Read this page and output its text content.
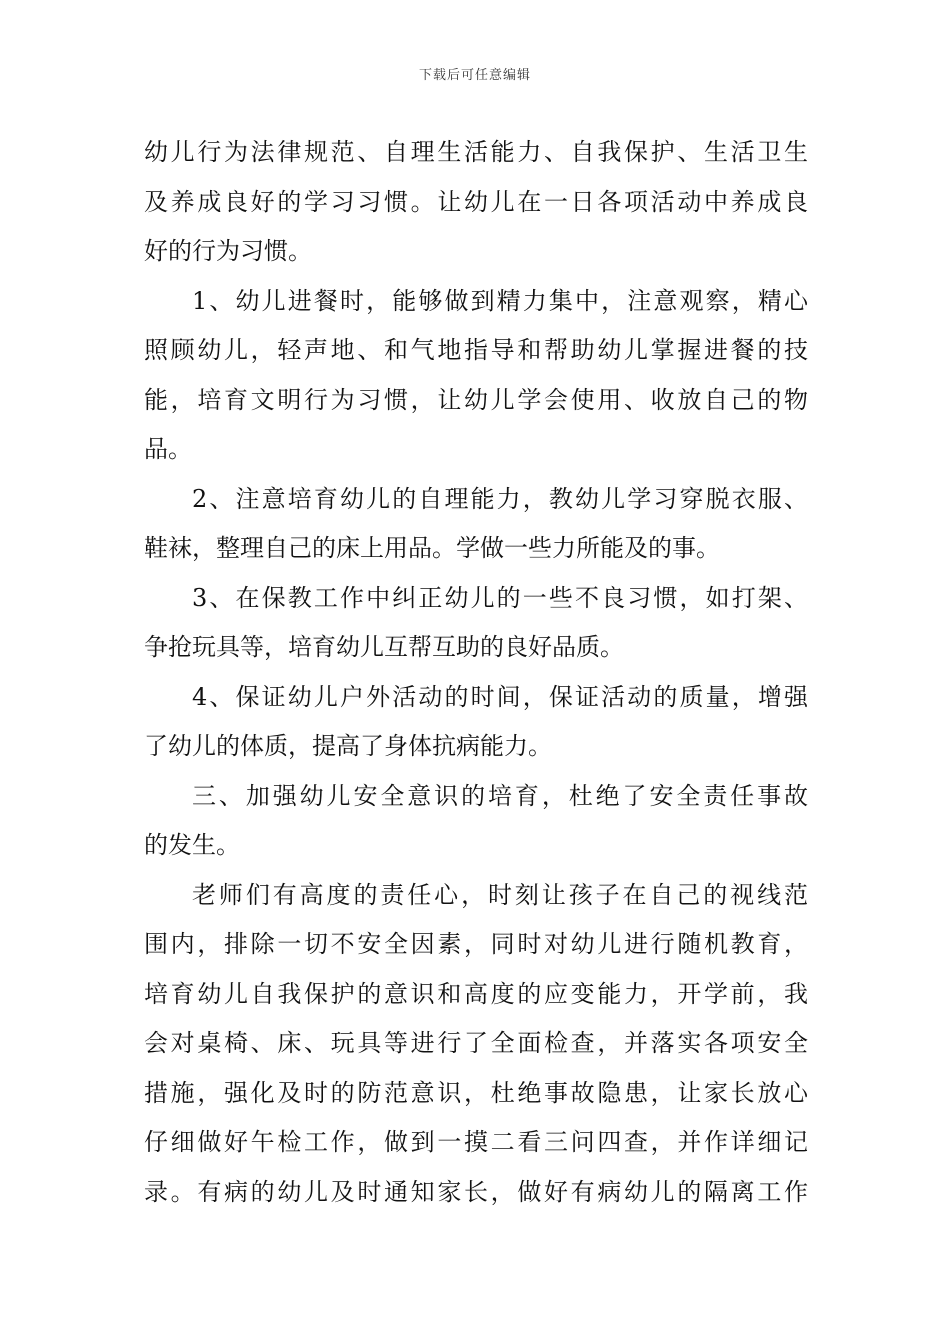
下载后可任意编辑
幼儿行为法律规范、自理生活能力、自我保护、生活卫生
及养成良好的学习习惯。让幼儿在一日各项活动中养成良
好的行为习惯。
1、幼儿进餐时，能够做到精力集中，注意观察，精心
照顾幼儿，轻声地、和气地指导和帮助幼儿掌握进餐的技
能，培育文明行为习惯，让幼儿学会使用、收放自己的物
品。
2、注意培育幼儿的自理能力，教幼儿学习穿脱衣服、
鞋袜，整理自己的床上用品。学做一些力所能及的事。
3、在保教工作中纠正幼儿的一些不良习惯，如打架、
争抢玩具等，培育幼儿互帮互助的良好品质。
4、保证幼儿户外活动的时间，保证活动的质量，增强
了幼儿的体质，提高了身体抗病能力。
三、加强幼儿安全意识的培育，杜绝了安全责任事故
的发生。
老师们有高度的责任心，时刻让孩子在自己的视线范
围内，排除一切不安全因素，同时对幼儿进行随机教育，
培育幼儿自我保护的意识和高度的应变能力，开学前，我
会对桌椅、床、玩具等进行了全面检查，并落实各项安全
措施，强化及时的防范意识，杜绝事故隐患，让家长放心
仔细做好午检工作，做到一摸二看三问四查，并作详细记
录。有病的幼儿及时通知家长，做好有病幼儿的隔离工作
